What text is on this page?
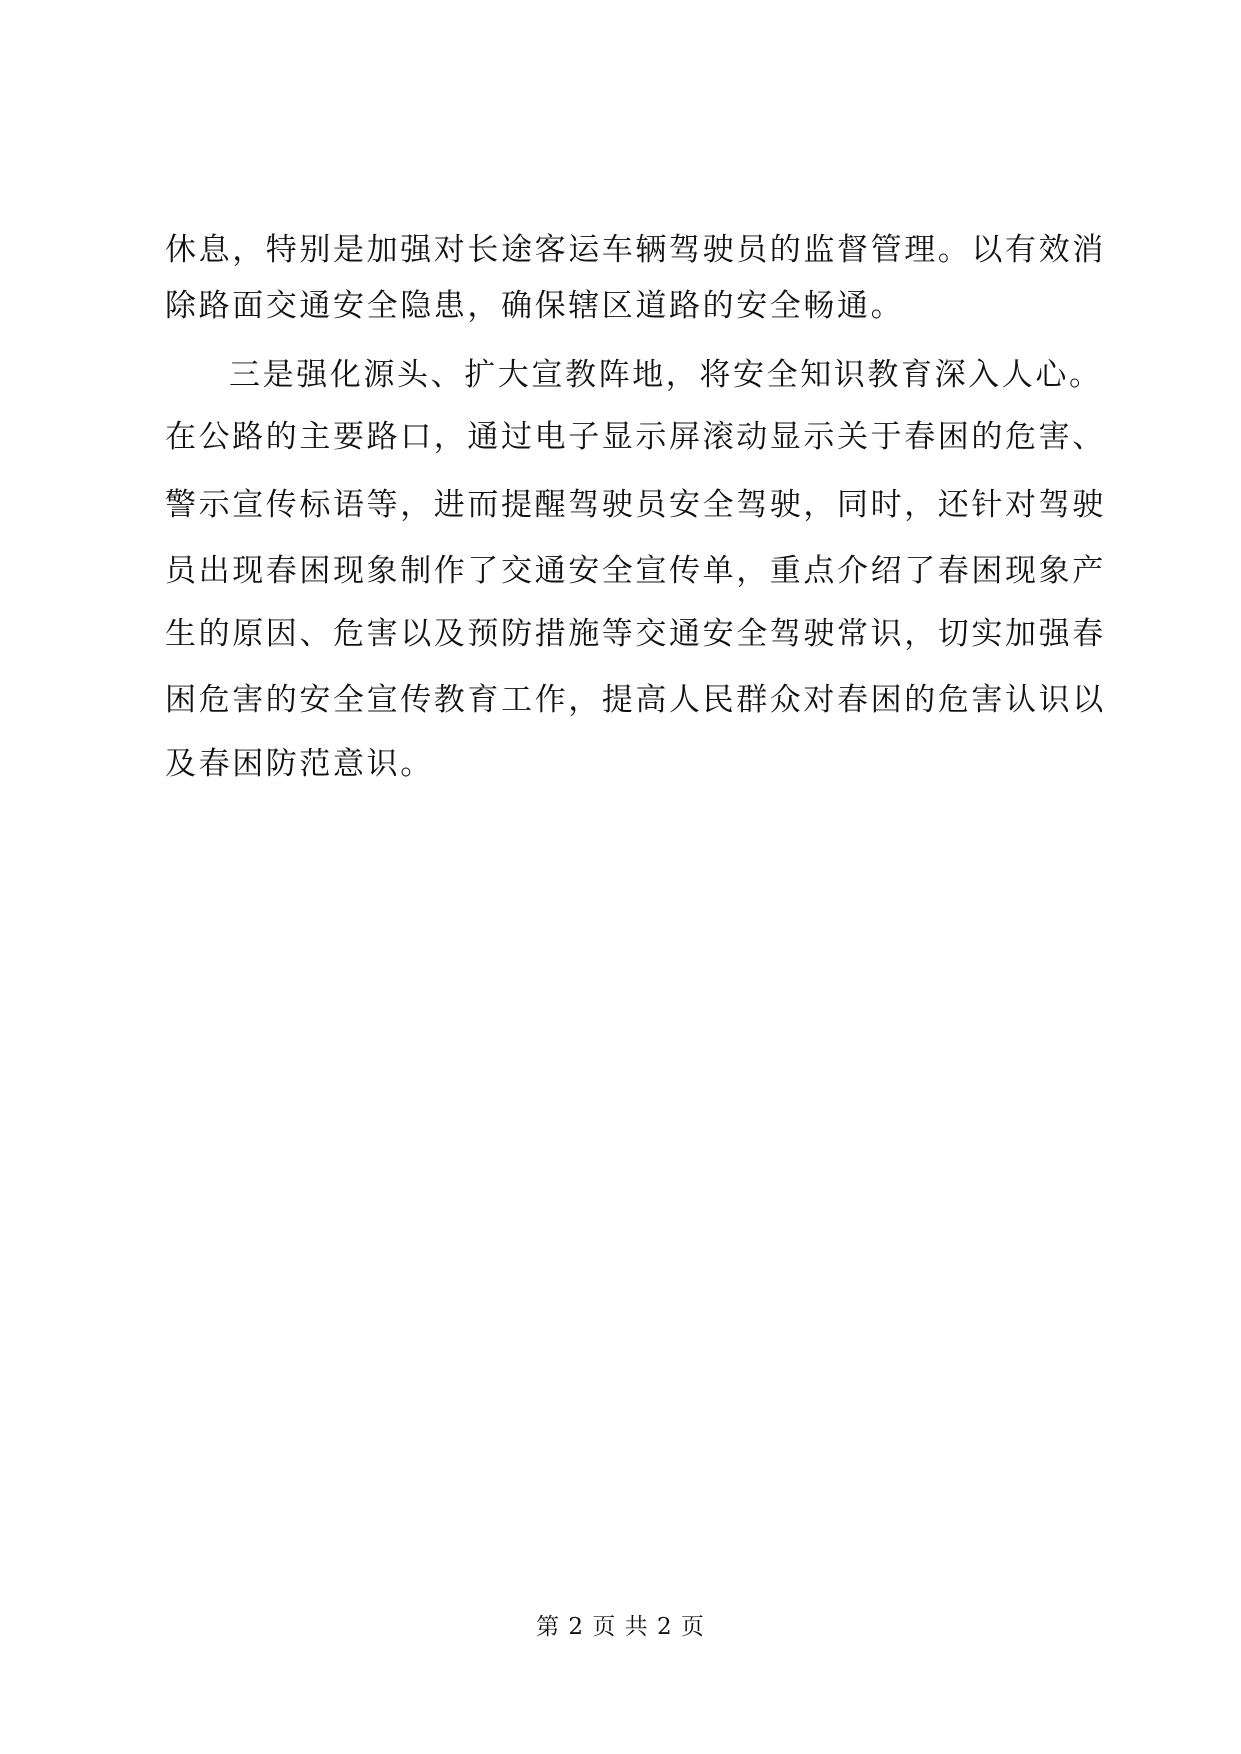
休息，特别是加强对长途客运车辆驾驶员的监督管理。以有效消
除路面交通安全隐患，确保辖区道路的安全畅通。
三是强化源头、扩大宣教阵地，将安全知识教育深入人心。
在公路的主要路口，通过电子显示屏滚动显示关于春困的危害、
警示宣传标语等，进而提醒驾驶员安全驾驶，同时，还针对驾驶
员出现春困现象制作了交通安全宣传单，重点介绍了春困现象产
生的原因、危害以及预防措施等交通安全驾驶常识，切实加强春
困危害的安全宣传教育工作，提高人民群众对春困的危害认识以
及春困防范意识。
第 2 页 共 2 页
